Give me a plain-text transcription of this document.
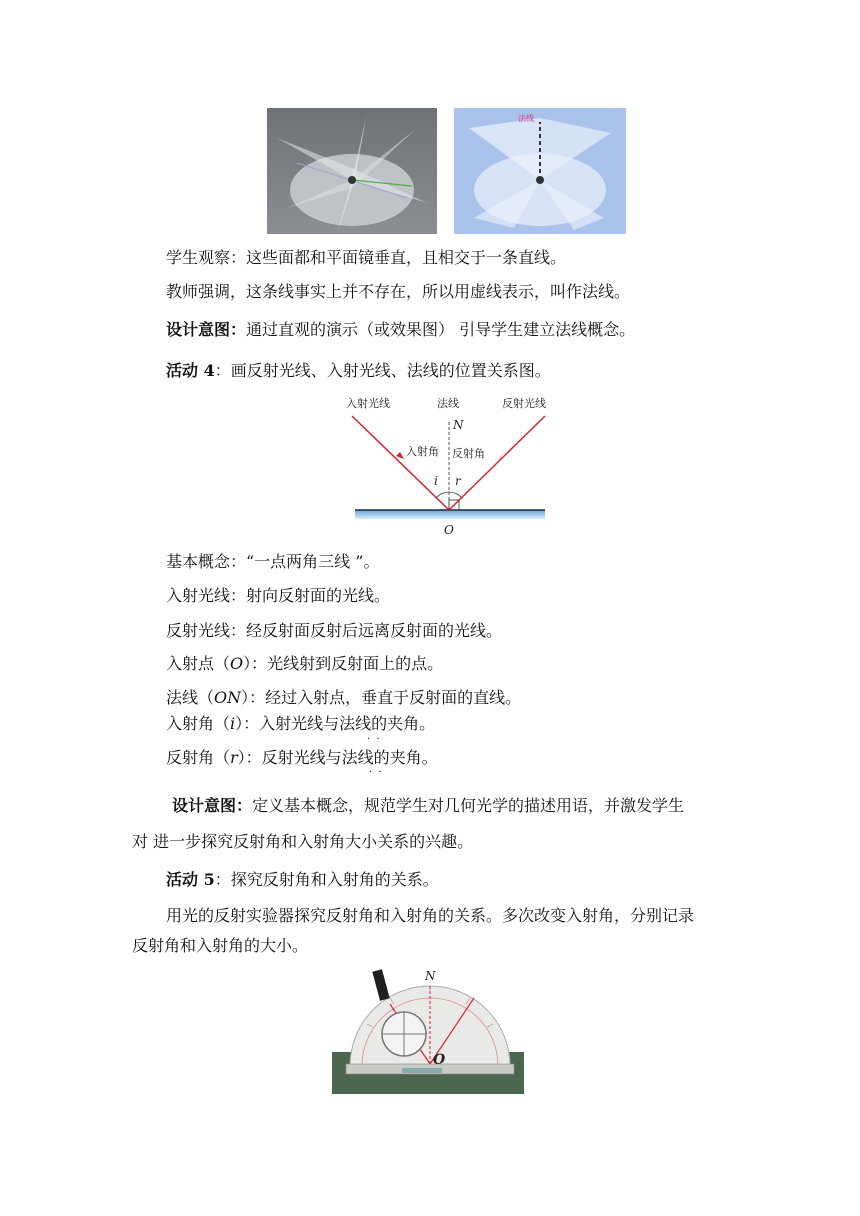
法线
学生观察：这些面都和平面镜垂直，且相交于一条直线。
教师强调，这条线事实上并不存在，所以用虚线表示，叫作法线。
设计意图：通过直观的演示（或效果图） 引导学生建立法线概念。
活动 4：画反射光线、入射光线、法线的位置关系图。
入射光线	法线	反射光线
N
入射角 反射角
i r
O
基本概念：“一点两角三线 ”。
入射光线：射向反射面的光线。
反射光线：经反射面反射后远离反射面的光线。
入射点（O）：光线射到反射面上的点。
法线（ON）：经过入射点，垂直于反射面的直线。
入射角（i）：入射光线与法线的夹角。
·  ·
反射角（r）：反射光线与法线的夹角。
·  ·
设计意图：定义基本概念，规范学生对几何光学的描述用语，并激发学生
对 进一步探究反射角和入射角大小关系的兴趣。
活动 5：探究反射角和入射角的关系。
用光的反射实验器探究反射角和入射角的关系。多次改变入射角，分别记录
反射角和入射角的大小。
N
O
